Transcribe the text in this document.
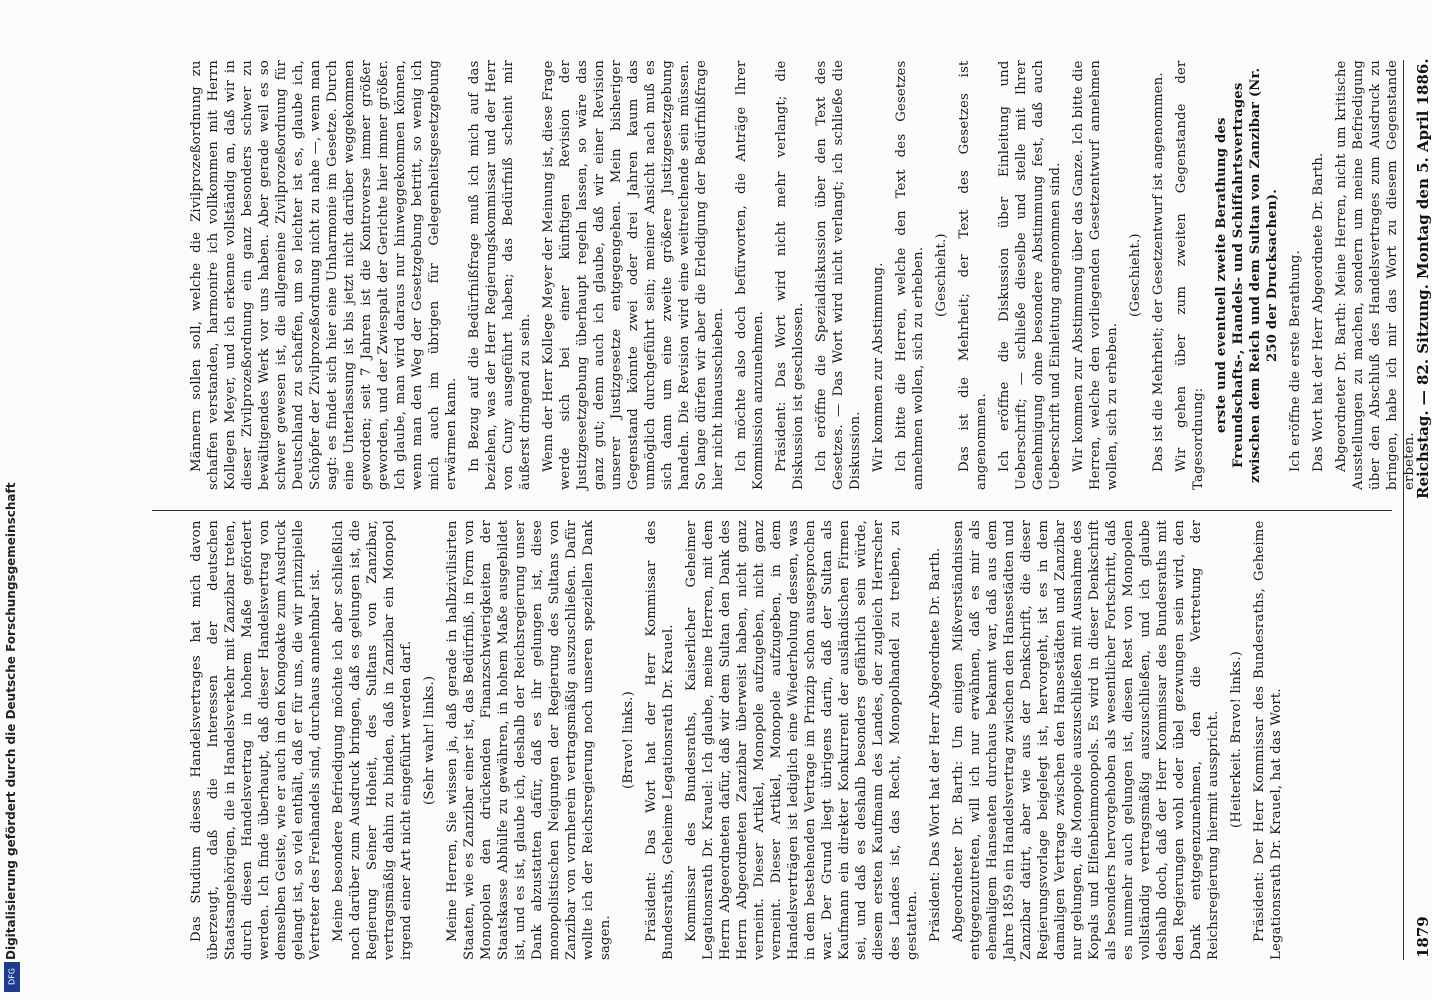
1879
Reichstag. — 82. Sitzung. Montag den 5. April 1886.
Männern sollen soll, welche die Zivilprozeßordnung zu schaffen verstanden, harmonire ich vollkommen mit Herrn Kollegen Meyer, und ich erkenne vollständig an, daß wir in dieser Zivilprozeßordnung ein ganz besonders schwer zu bewältigendes Werk vor uns haben. Aber gerade weil es so schwer gewesen ist, die allgemeine Zivilprozeßordnung für Deutschland zu schaffen, um so leichter ist es, glaube ich, Schöpfer der Zivilprozeßordnung nicht zu nahe —, wenn man sagt: es findet sich hier eine Unharmonie im Gesetze. Durch eine Unterlassung ist bis jetzt nicht darüber weggekommen geworden; seit 7 Jahren ist die Kontroverse immer größer geworden, und der Zwiespalt der Gerichte hier immer größer. Ich glaube, man wird daraus nur hinweggekommen können, wenn man den Weg der Gesetzgebung betritt, so wenig ich mich auch im übrigen für Gelegenheitsgesetzgebung erwärmen kann. In Bezug auf die Bedürfnißfrage muß ich mich auf das beziehen, was der Herr Regierungskommissar und der Herr von Cuny ausgeführt haben; das Bedürfniß scheint mir äußerst dringend zu sein. Wenn der Herr Kollege Meyer der Meinung ist, diese Frage werde sich bei einer künftigen Revision der Justizgesetzgebung überhaupt regeln lassen, so wäre das ganz gut; denn auch ich glaube, daß wir einer Revision unserer Justizgesetze entgegengehen. Mein bisheriger Gegenstand könnte zwei oder drei Jahren kaum das unmöglich durchgeführt sein; meiner Ansicht nach muß es sich dann um eine zweite größere Justizgesetzgebung handeln. Die Revision wird eine weitreichende sein müssen. So lange dürfen wir aber die Erledigung der Bedürfnißfrage hier nicht hinausschieben. Ich möchte also doch befürworten, die Anträge Ihrer Kommission anzunehmen. Präsident: Das Wort wird nicht mehr verlangt; die Diskussion ist geschlossen. Ich eröffne die Spezialdiskussion über den Text des Gesetzes. — Das Wort wird nicht verlangt; ich schließe die Diskussion. Wir kommen zur Abstimmung. Ich bitte die Herren, welche den Text des Gesetzes annehmen wollen, sich zu erheben. (Geschieht.) Das ist die Mehrheit; der Text des Gesetzes ist angenommen. Ich eröffne die Diskussion über Einleitung und Ueberschrift; — schließe dieselbe und stelle mit Ihrer Genehmigung ohne besondere Abstimmung fest, daß auch Ueberschrift und Einleitung angenommen sind. Wir kommen zur Abstimmung über das Ganze. Ich bitte die Herren, welche den vorliegenden Gesetzentwurf annehmen wollen, sich zu erheben.
(Geschieht.) Das ist die Mehrheit; der Gesetzentwurf ist angenommen. Wir gehen über zum zweiten Gegenstande der Tagesordnung:
erste und eventuell zweite Berathung des Freundschafts-, Handels- und Schiffahrtsvertrages zwischen dem Reich und dem Sultan von Zanzibar (Nr. 250 der Drucksachen). Ich eröffne die erste Berathung. Das Wort hat der Herr Abgeordnete Dr. Barth. Abgeordneter Dr. Barth: Meine Herren, nicht um kritische Ausstellungen zu machen, sondern um meine Befriedigung über den Abschluß des Handelsvertrages zum Ausdruck zu bringen, habe ich mir das Wort zu diesem Gegenstande erbeten.
Das Studium dieses Handelsvertrages hat mich davon überzeugt, daß die Interessen der deutschen Staatsangehörigen, die in Handelsverkehr mit Zanzibar treten, durch diesen Handelsvertrag in hohem Maße gefördert werden. Ich finde überhaupt, daß dieser Handelsvertrag von demselben Geiste, wie er auch in den Kongoakte zum Ausdruck gelangt ist, so viel enthält, daß er für uns, die wir prinzipielle Vertreter des Freihandels sind, durchaus annehmbar ist. Meine besondere Befriedigung möchte ich aber schließlich noch darüber zum Ausdruck bringen, daß es gelungen ist, die Regierung Seiner Hoheit, des Sultans von Zanzibar, vertragsmäßig dahin zu binden, daß in Zanzibar ein Monopol irgend einer Art nicht eingeführt werden darf. (Sehr wahr! links.) Meine Herren, Sie wissen ja, daß gerade in halbzivilisirten Staaten, wie es Zanzibar einer ist, das Bedürfniß, in Form von Monopolen den drückenden Finanzschwierigkeiten der Staatskasse Abhülfe zu gewähren, in hohem Maße ausgebildet ist, und es ist, glaube ich, deshalb der Reichsregierung unser Dank abzustatten dafür, daß es ihr gelungen ist, diese monopolistischen Neigungen der Regierung des Sultans von Zanzibar von vornherein vertragsmäßig auszuschließen. Dafür wollte ich der Reichsregierung noch unseren speziellen Dank sagen.
(Bravo! links.) Präsident: Das Wort hat der Herr Kommissar des Bundesraths, Geheime Legationsrath Dr. Krauel. Kommissar des Bundesraths, Kaiserlicher Geheimer Legationsrath Dr. Krauel: Ich glaube, meine Herren, mit dem Herrn Abgeordneten dafür, daß wir dem Sultan den Dank des Herrn Abgeordneten Zanzibar überweist haben, nicht ganz verneint. Dieser Artikel, Monopole aufzugeben, nicht ganz verneint. Dieser Artikel, Monopole aufzugeben, in dem Handelsverträgen ist lediglich eine Wiederholung dessen, was in dem bestehenden Vertrage im Prinzip schon ausgesprochen war. Der Grund liegt übrigens darin, daß der Sultan als Kaufmann ein direkter Konkurrent der ausländischen Firmen sei, und daß es deshalb besonders gefährlich sein würde, diesem ersten Kaufmann des Landes, der zugleich Herrscher des Landes ist, das Recht, Monopolhandel zu treiben, zu gestatten. Präsident: Das Wort hat der Herr Abgeordnete Dr. Barth. Abgeordneter Dr. Barth: Um einigen Mißverständnissen entgegenzutreten, will ich nur erwähnen, daß es mir als ehemaligem Hanseaten durchaus bekannt war, daß aus dem Jahre 1859 ein Handelsvertrag zwischen den Hansestädten und Zanzibar datirt, aber wie aus der Denkschrift, die dieser Regierungsvorlage beigelegt ist, hervorgeht, ist es in dem damaligen Vertrage zwischen den Hansestädten und Zanzibar nur gelungen, die Monopole auszuschließen mit Ausnahme des Kopals und Elfenbeinmonopols. Es wird in dieser Denkschrift als besonders hervorgehoben als wesentlicher Fortschritt, daß es nunmehr auch gelungen ist, diesen Rest von Monopolen vollständig vertragsmäßig auszuschließen, und ich glaube deshalb doch, daß der Herr Kommissar des Bundesraths mit den Regierungen wohl oder übel gezwungen sein wird, den Dank entgegenzunehmen, den die Vertretung der Reichsregierung hiermit ausspricht. (Heiterkeit. Bravo! links.) Präsident: Der Herr Kommissar des Bundesraths, Geheime Legationsrath Dr. Krauel, hat das Wort.
Digitalisierung gefördert durch die Deutsche Forschungsgemeinschaft
DFG
